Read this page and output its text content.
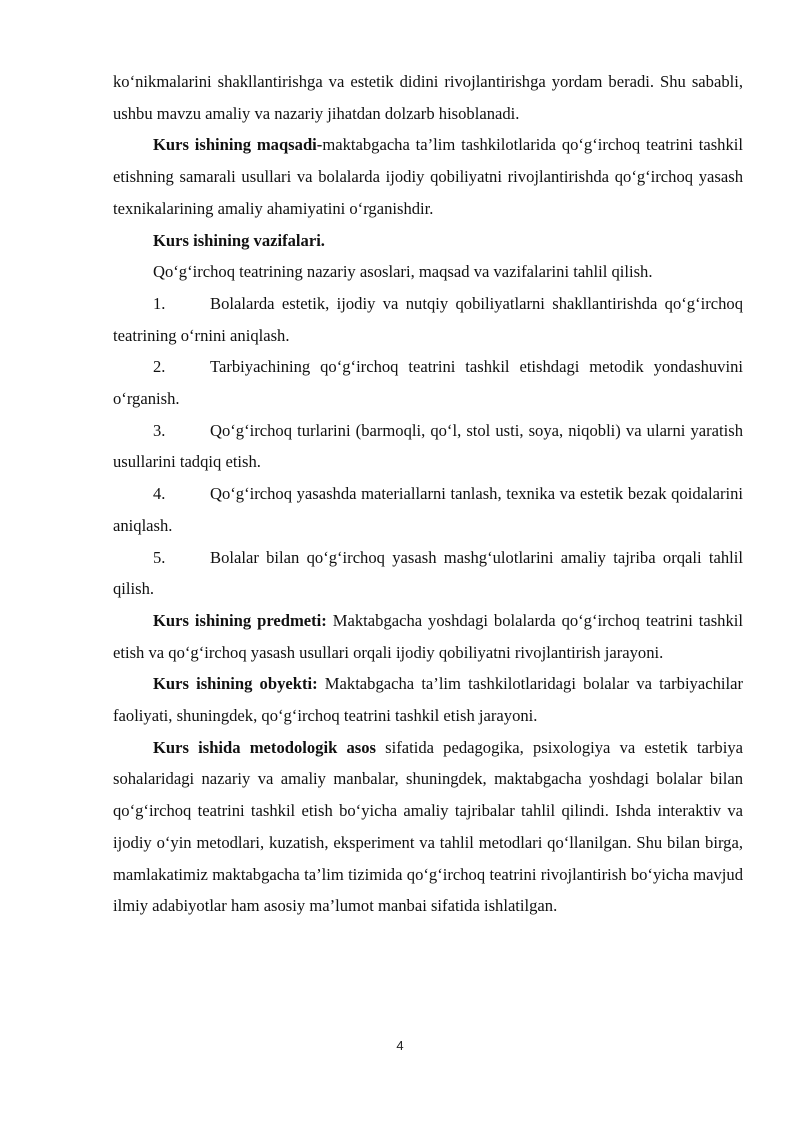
ko‘nikmalarini shakllantirishga va estetik didini rivojlantirishga yordam beradi. Shu sababli, ushbu mavzu amaliy va nazariy jihatdan dolzarb hisoblanadi.

Kurs ishining maqsadi-maktabgacha ta’lim tashkilotlarida qo‘g‘irchoq teatrini tashkil etishning samarali usullari va bolalarda ijodiy qobiliyatni rivojlantirishda qo‘g‘irchoq yasash texnikalarining amaliy ahamiyatini o‘rganishdir.

Kurs ishining vazifalari.

Qo‘g‘irchoq teatrining nazariy asoslari, maqsad va vazifalarini tahlil qilish.

1.	Bolalarda estetik, ijodiy va nutqiy qobiliyatlarni shakllantirishda qo‘g‘irchoq teatrining o‘rnini aniqlash.

2.	Tarbiyachining qo‘g‘irchoq teatrini tashkil etishdagi metodik yondashuvini o‘rganish.

3.	Qo‘g‘irchoq turlarini (barmoqli, qo‘l, stol usti, soya, niqobli) va ularni yaratish usullarini tadqiq etish.

4.	Qo‘g‘irchoq yasashda materiallarni tanlash, texnika va estetik bezak qoidalarini aniqlash.

5.	Bolalar bilan qo‘g‘irchoq yasash mashg‘ulotlarini amaliy tajriba orqali tahlil qilish.

Kurs ishining predmeti: Maktabgacha yoshdagi bolalarda qo‘g‘irchoq teatrini tashkil etish va qo‘g‘irchoq yasash usullari orqali ijodiy qobiliyatni rivojlantirish jarayoni.

Kurs ishining obyekti: Maktabgacha ta’lim tashkilotlaridagi bolalar va tarbiyachilar faoliyati, shuningdek, qo‘g‘irchoq teatrini tashkil etish jarayoni.

Kurs ishida metodologik asos sifatida pedagogika, psixologiya va estetik tarbiya sohalaridagi nazariy va amaliy manbalar, shuningdek, maktabgacha yoshdagi bolalar bilan qo‘g‘irchoq teatrini tashkil etish bo‘yicha amaliy tajribalar tahlil qilindi. Ishda interaktiv va ijodiy o‘yin metodlari, kuzatish, eksperiment va tahlil metodlari qo‘llanilgan. Shu bilan birga, mamlakatimiz maktabgacha ta’lim tizimida qo‘g‘irchoq teatrini rivojlantirish bo‘yicha mavjud ilmiy adabiyotlar ham asosiy ma’lumot manbai sifatida ishlatilgan.

4
